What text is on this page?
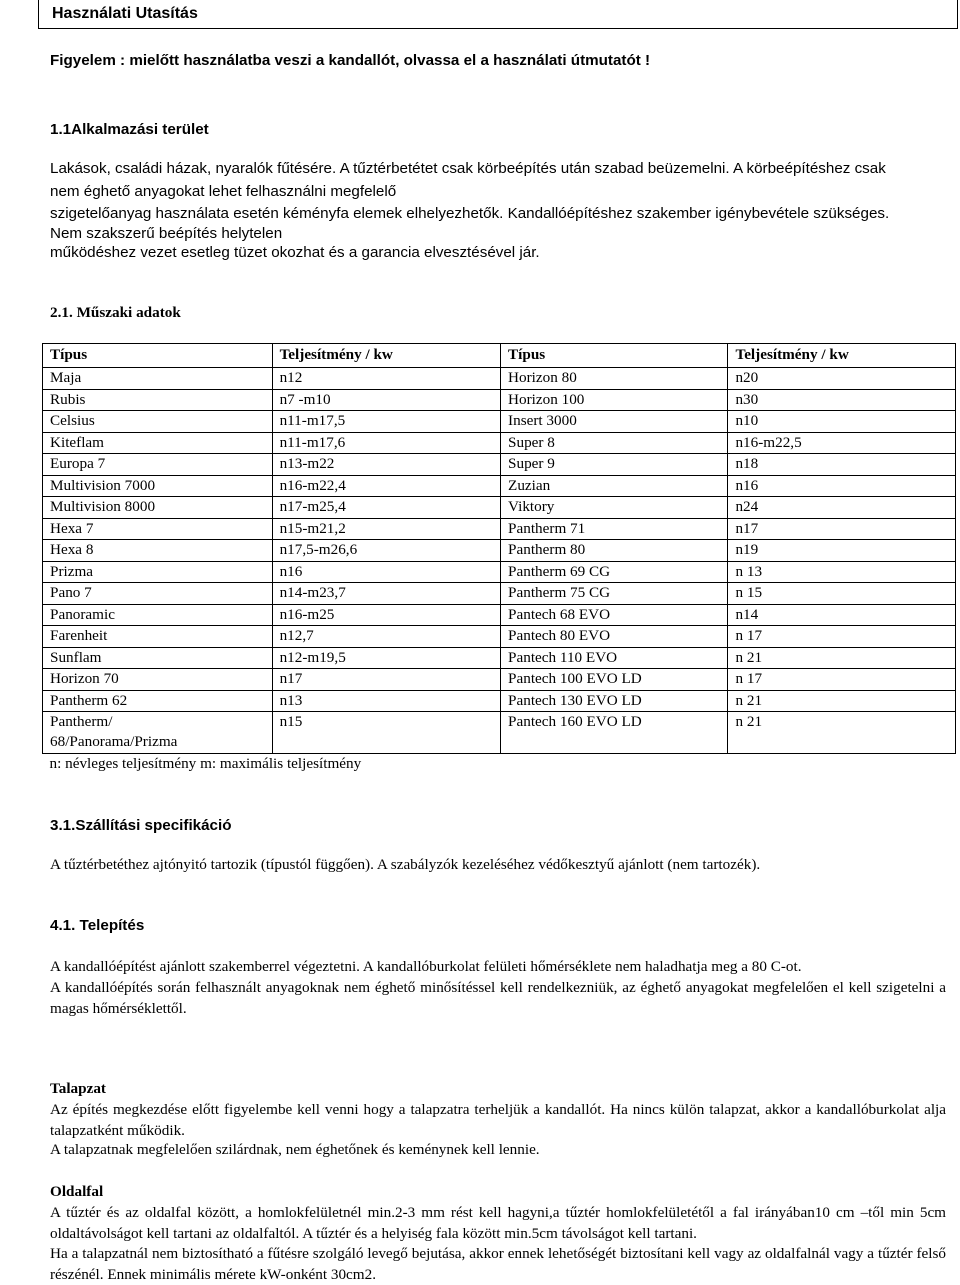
Használati Utasítás
Figyelem : mielőtt használatba veszi a kandallót, olvassa el a használati útmutatót !
1.1Alkalmazási terület
Lakások, családi házak, nyaralók fűtésére. A tűztérbetétet csak körbeépítés után szabad beüzemelni. A körbeépítéshez csak
nem éghető anyagokat lehet felhasználni megfelelő
szigetelőanyag használata esetén kéményfa elemek elhelyezhetők. Kandallóépítéshez szakember igénybevétele szükséges.
Nem szakszerű beépítés helytelen
működéshez vezet esetleg tüzet okozhat és a garancia elvesztésével jár.
2.1. Műszaki adatok
Típus	Teljesítmény / kw	Típus	Teljesítmény / kw
Maja	n12	Horizon 80	n20
Rubis	n7 -m10	Horizon 100	n30
Celsius	n11-m17,5	Insert 3000	n10
Kiteflam	n11-m17,6	Super 8	n16-m22,5
Europa 7	n13-m22	Super 9	n18
Multivision 7000	n16-m22,4	Zuzian	n16
Multivision 8000	n17-m25,4	Viktory	n24
Hexa 7	n15-m21,2	Pantherm 71	n17
Hexa 8	n17,5-m26,6	Pantherm 80	n19
Prizma	n16	Pantherm 69 CG	n 13
Pano 7	n14-m23,7	Pantherm 75 CG	n 15
Panoramic	n16-m25	Pantech 68 EVO	n14
Farenheit	n12,7	Pantech 80 EVO	n 17
Sunflam	n12-m19,5	Pantech 110 EVO	n 21
Horizon 70	n17	Pantech 100 EVO LD	n 17
Pantherm 62	n13	Pantech 130 EVO LD	n 21

Pantherm/
68/Panorama/Prizma	n15	Pantech 160 EVO LD	n 21
n: névleges teljesítmény m: maximális teljesítmény			
3.1.Szállítási specifikáció
A tűztérbetéthez ajtónyitó tartozik (típustól függően). A szabályzók kezeléséhez védőkesztyű ajánlott (nem tartozék).
4.1. Telepítés
A kandallóépítést ajánlott szakemberrel végeztetni. A kandallóburkolat felületi hőmérséklete nem haladhatja meg a 80 C-ot.
A kandallóépítés során felhasznált anyagoknak nem éghető minősítéssel kell rendelkezniük, az éghető anyagokat megfelelően el kell szigetelni a magas hőmérséklettől.
Talapzat
Az építés megkezdése előtt figyelembe kell venni hogy a talapzatra terheljük a kandallót. Ha nincs külön talapzat, akkor a kandallóburkolat alja talapzatként működik.
A talapzatnak megfelelően szilárdnak, nem éghetőnek és keménynek kell lennie.
Oldalfal
A tűztér és az oldalfal között, a homlokfelületnél min.2-3 mm rést kell hagyni,a tűztér homlokfelületétől a fal irányában10 cm –től min 5cm oldaltávolságot kell tartani az oldalfaltól. A tűztér és a helyiség fala között min.5cm távolságot kell tartani.
Ha a talapzatnál nem biztosítható a fűtésre szolgáló levegő bejutása, akkor ennek lehetőségét biztosítani kell vagy az oldalfalnál vagy a tűztér felső részénél. Ennek minimális mérete kW-onként 30cm2.
